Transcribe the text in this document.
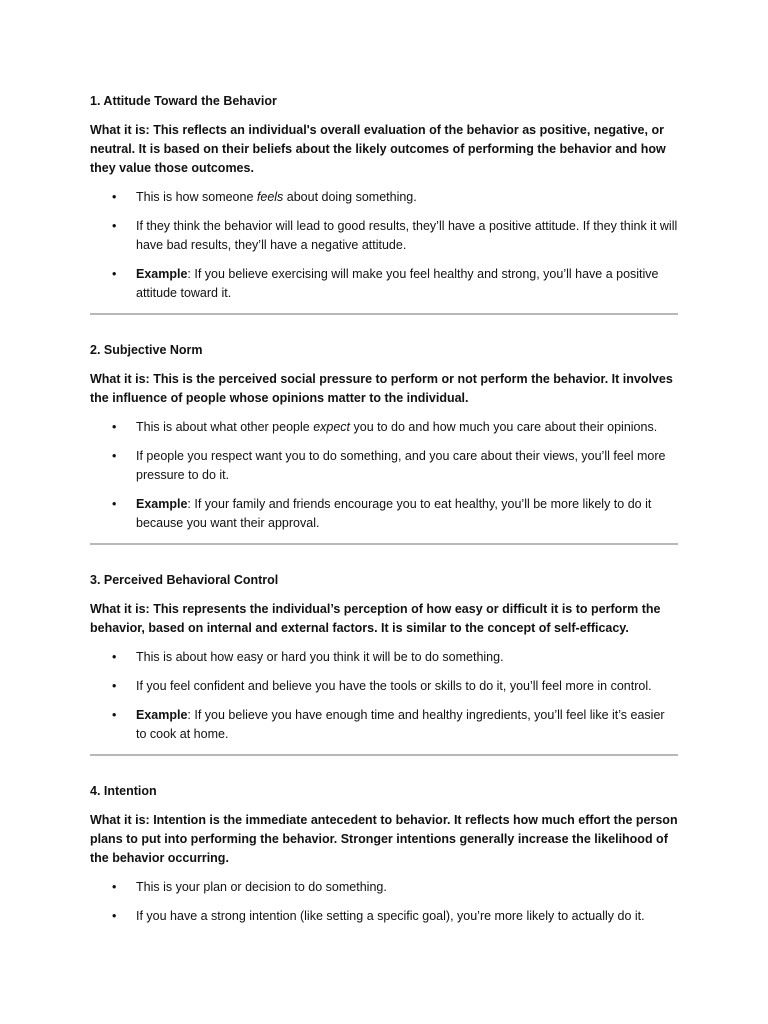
1. Attitude Toward the Behavior
What it is: This reflects an individual's overall evaluation of the behavior as positive, negative, or neutral. It is based on their beliefs about the likely outcomes of performing the behavior and how they value those outcomes.
• This is how someone feels about doing something.
• If they think the behavior will lead to good results, they’ll have a positive attitude. If they think it will have bad results, they’ll have a negative attitude.
• Example: If you believe exercising will make you feel healthy and strong, you’ll have a positive attitude toward it.
2. Subjective Norm
What it is: This is the perceived social pressure to perform or not perform the behavior. It involves the influence of people whose opinions matter to the individual.
• This is about what other people expect you to do and how much you care about their opinions.
• If people you respect want you to do something, and you care about their views, you’ll feel more pressure to do it.
• Example: If your family and friends encourage you to eat healthy, you’ll be more likely to do it because you want their approval.
3. Perceived Behavioral Control
What it is: This represents the individual’s perception of how easy or difficult it is to perform the behavior, based on internal and external factors. It is similar to the concept of self-efficacy.
• This is about how easy or hard you think it will be to do something.
• If you feel confident and believe you have the tools or skills to do it, you’ll feel more in control.
• Example: If you believe you have enough time and healthy ingredients, you’ll feel like it’s easier to cook at home.
4. Intention
What it is: Intention is the immediate antecedent to behavior. It reflects how much effort the person plans to put into performing the behavior. Stronger intentions generally increase the likelihood of the behavior occurring.
• This is your plan or decision to do something.
• If you have a strong intention (like setting a specific goal), you’re more likely to actually do it.
